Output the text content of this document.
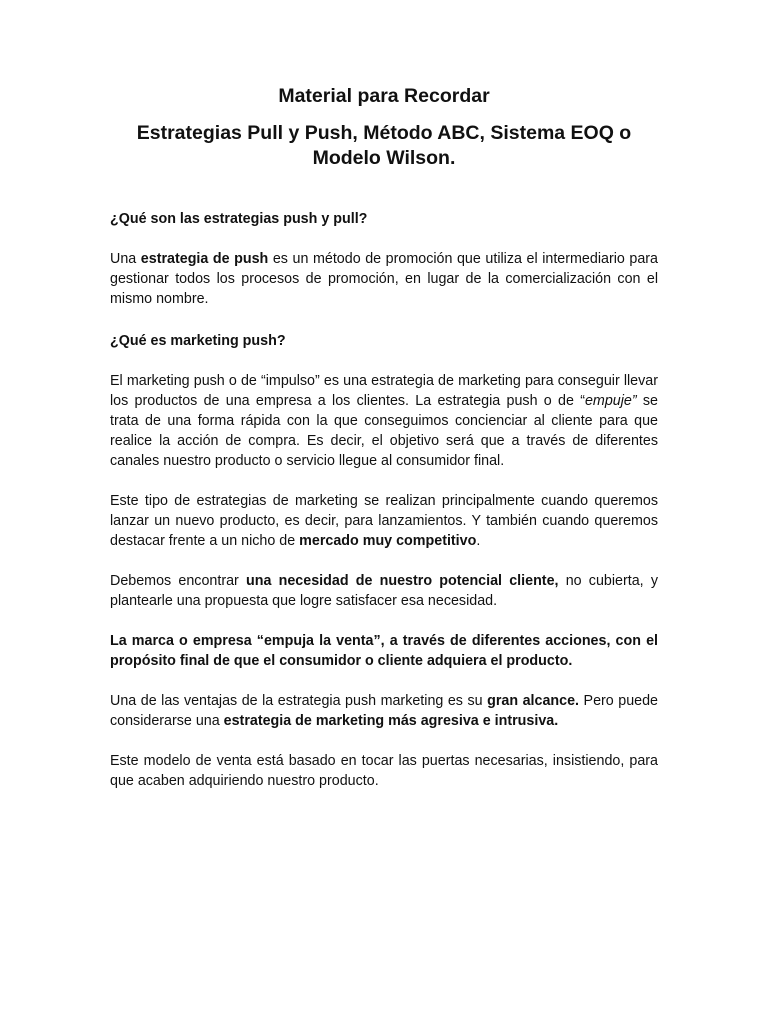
Material para Recordar
Estrategias Pull y Push, Método ABC, Sistema EOQ o Modelo Wilson.

¿Qué son las estrategias push y pull?

Una estrategia de push es un método de promoción que utiliza el intermediario para gestionar todos los procesos de promoción, en lugar de la comercialización con el mismo nombre.

¿Qué es marketing push?

El marketing push o de “impulso” es una estrategia de marketing para conseguir llevar los productos de una empresa a los clientes. La estrategia push o de “empuje” se trata de una forma rápida con la que conseguimos concienciar al cliente para que realice la acción de compra. Es decir, el objetivo será que a través de diferentes canales nuestro producto o servicio llegue al consumidor final.

Este tipo de estrategias de marketing se realizan principalmente cuando queremos lanzar un nuevo producto, es decir, para lanzamientos. Y también cuando queremos destacar frente a un nicho de mercado muy competitivo.

Debemos encontrar una necesidad de nuestro potencial cliente, no cubierta, y plantearle una propuesta que logre satisfacer esa necesidad.

La marca o empresa “empuja la venta”, a través de diferentes acciones, con el propósito final de que el consumidor o cliente adquiera el producto.

Una de las ventajas de la estrategia push marketing es su gran alcance. Pero puede considerarse una estrategia de marketing más agresiva e intrusiva.

Este modelo de venta está basado en tocar las puertas necesarias, insistiendo, para que acaben adquiriendo nuestro producto.
